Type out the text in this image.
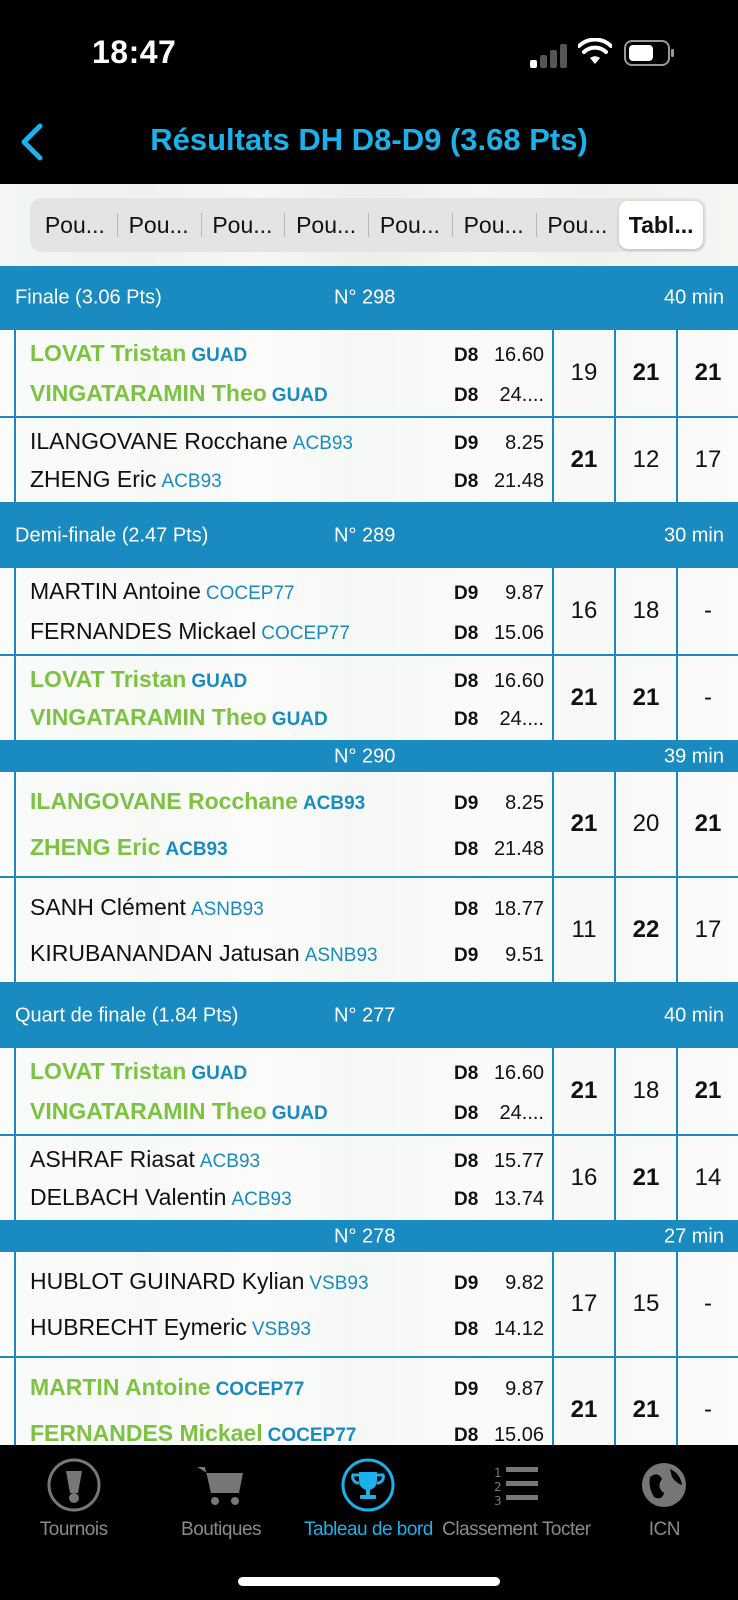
18:47
Résultats DH D8-D9 (3.68 Pts)
Pou...	Pou...	Pou...	Pou...	Pou...	Pou...	Pou... Tabl...
Finale (3.06 Pts)	N° 298	40 min
LOVAT Tristan GUAD	D8 16.60
VINGATARAMIN Theo GUAD	D8	24....
19	21	21
ILANGOVANE Rocchane ACB93	D9	8.25
ZHENG Eric ACB93	D8 21.48
21	12	17
Demi-finale (2.47 Pts)	N° 289	30 min
MARTIN Antoine COCEP77	D9	9.87
FERNANDES Mickael COCEP77	D8 15.06
16	18	-
LOVAT Tristan GUAD	D8 16.60
VINGATARAMIN Theo GUAD	D8	24....
21	21	-
N° 290	39 min
ILANGOVANE Rocchane ACB93	D9	8.25
ZHENG Eric ACB93	D8 21.48
21	20	21
SANH Clément ASNB93	D8 18.77
KIRUBANANDAN Jatusan ASNB93	D9	9.51
11	22	17
Quart de finale (1.84 Pts)	N° 277	40 min
LOVAT Tristan GUAD	D8 16.60
VINGATARAMIN Theo GUAD	D8	24....
21	18	21
ASHRAF Riasat ACB93	D8 15.77
DELBACH Valentin ACB93	D8 13.74
16	21	14
N° 278	27 min
HUBLOT GUINARD Kylian VSB93	D9	9.82
HUBRECHT Eymeric VSB93	D8 14.12
17	15	-
MARTIN Antoine COCEP77	D9	9.87
FERNANDES Mickael COCEP77	D8 15.06
21	21	-
Tournois	Boutiques Tableau de bord
1
2
3
Classement Tocter	ICN
